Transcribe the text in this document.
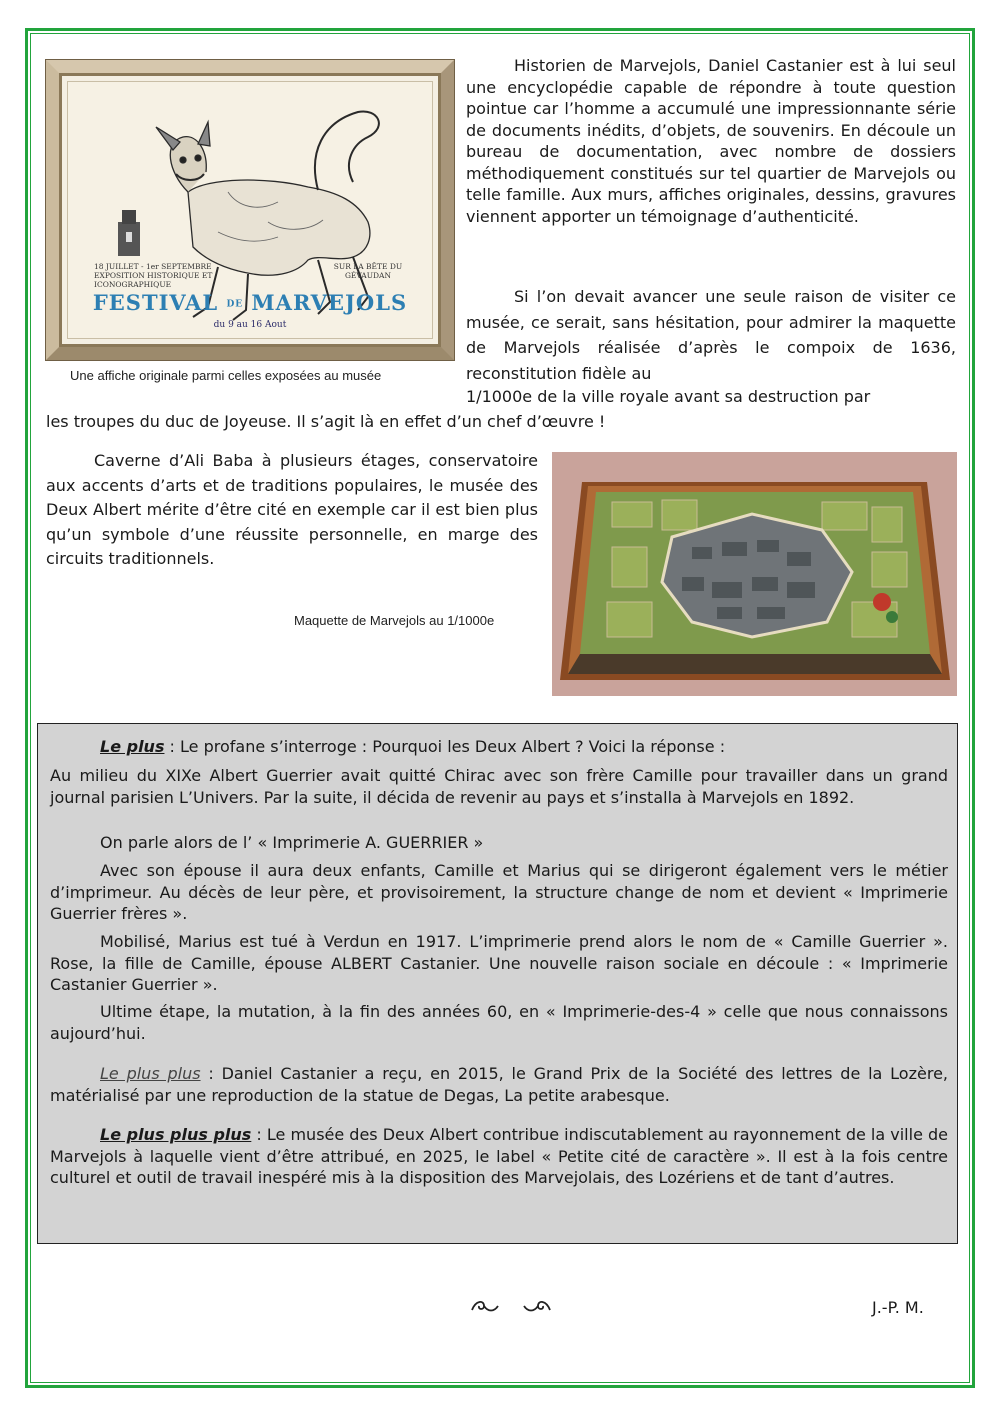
18 JUILLET - 1er SEPTEMBRE EXPOSITION HISTORIQUE ET ICONOGRAPHIQUE
SUR LA BÊTE DU GÉVAUDAN
FESTIVAL DE MARVEJOLS
du 9 au 16 Aout
Une affiche originale parmi celles exposées au musée

Historien de Marvejols, Daniel Castanier est à lui seul une encyclopédie capable de répondre à toute question pointue car l’homme a accumulé une impressionnante série de documents inédits, d’objets, de souvenirs. En découle un bureau de documentation, avec nombre de dossiers méthodiquement constitués sur tel quartier de Marvejols ou telle famille. Aux murs, affiches originales, dessins, gravures viennent apporter un témoignage d’authenticité.

Si l’on devait avancer une seule raison de visiter ce musée, ce serait, sans hésitation, pour admirer la maquette de Marvejols réalisée d’après le compoix de 1636, reconstitution fidèle au

1/1000e de la ville royale avant sa destruction par

les troupes du duc de Joyeuse. Il s’agit là en effet d’un chef d’œuvre !

Caverne d’Ali Baba à plusieurs étages, conservatoire aux accents d’arts et de traditions populaires, le musée des Deux Albert mérite d’être cité en exemple car il est bien plus qu’un symbole d’une réussite personnelle, en marge des circuits traditionnels.

Maquette de Marvejols au 1/1000e

Le plus : Le profane s’interroge : Pourquoi les Deux Albert ? Voici la réponse :

Au milieu du XIXe Albert Guerrier avait quitté Chirac avec son frère Camille pour travailler dans un grand journal parisien L’Univers. Par la suite, il décida de revenir au pays et s’installa à Marvejols en 1892.

On parle alors de l’ « Imprimerie A. GUERRIER »

Avec son épouse il aura deux enfants, Camille et Marius qui se dirigeront également vers le métier d’imprimeur. Au décès de leur père, et provisoirement, la structure change de nom et devient « Imprimerie Guerrier frères ».

Mobilisé, Marius est tué à Verdun en 1917. L’imprimerie prend alors le nom de « Camille Guerrier ». Rose, la fille de Camille, épouse ALBERT Castanier. Une nouvelle raison sociale en découle : « Imprimerie Castanier Guerrier ».

Ultime étape, la mutation, à la fin des années 60, en « Imprimerie-des-4 » celle que nous connaissons aujourd’hui.

Le plus plus : Daniel Castanier a reçu, en 2015, le Grand Prix de la Société des lettres de la Lozère, matérialisé par une reproduction de la statue de Degas, La petite arabesque.

Le plus plus plus : Le musée des Deux Albert contribue indiscutablement au rayonnement de la ville de Marvejols à laquelle vient d’être attribué, en 2025, le label « Petite cité de caractère ». Il est à la fois centre culturel et outil de travail inespéré mis à la disposition des Marvejolais, des Lozériens et de tant d’autres.

J.-P. M.
